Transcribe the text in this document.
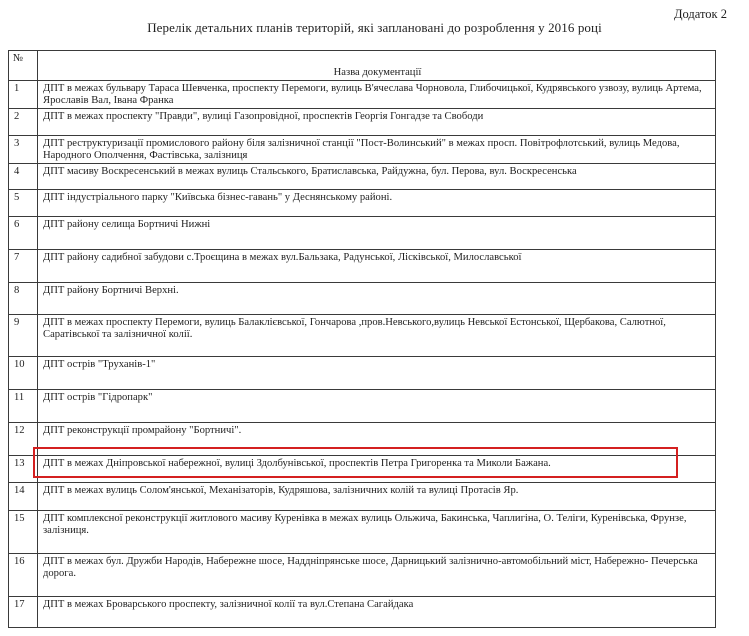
Додаток 2
Перелік детальних планів територій, які заплановані до розроблення у 2016 році
№	Назва документації
1	ДПТ в межах бульвару Тараса Шевченка, проспекту Перемоги, вулиць В'ячеслава Чорновола, Глибочицької, Кудрявського узвозу, вулиць Артема, Ярославів Вал, Івана Франка
2	ДПТ в межах проспекту "Правди", вулиці Газопровідної, проспектів Георгія Гонгадзе та Свободи
3	ДПТ реструктуризації промислового району біля залізничної станції "Пост-Волинський" в межах просп. Повітрофлотський, вулиць Медова, Народного Ополчення, Фастівська, залізниця
4	ДПТ масиву Воскресенський в межах вулиць Стальського, Братиславська, Райдужна, бул. Перова, вул. Воскресенська
5	ДПТ індустріального парку "Київська бізнес-гавань" у Деснянському районі.
6	ДПТ району селища Бортничі Нижні
7	ДПТ району садибної забудови с.Троєщина в межах вул.Бальзака, Радунської, Лісківської, Милославської
8	ДПТ району Бортничі Верхні.
9	ДПТ в межах проспекту Перемоги, вулиць Балаклієвської, Гончарова ,пров.Невського,вулиць Невської Естонської, Щербакова, Салютної, Саратівської та залізничної колії.
10	ДПТ острів "Труханів-1"
11	ДПТ острів "Гідропарк"
12	ДПТ реконструкції промрайону "Бортничі".
13	ДПТ в межах Дніпровської набережної, вулиці Здолбунівської, проспектів Петра Григоренка та Миколи Бажана.
14	ДПТ в межах вулиць Солом'янської, Механізаторів, Кудряшова, залізничних колій та вулиці Протасів Яр.
15	ДПТ комплексної реконструкції житлового масиву Куренівка в межах вулиць Ольжича, Бакинська, Чаплигіна, О. Теліги, Куренівська, Фрунзе, залізниця.
16	ДПТ в межах бул. Дружби Народів, Набережне шосе, Наддніпрянське шосе, Дарницький залізнично-автомобільний міст, Набережно- Печерська дорога.
17	ДПТ в межах Броварського проспекту, залізничної колії та вул.Степана Сагайдака
